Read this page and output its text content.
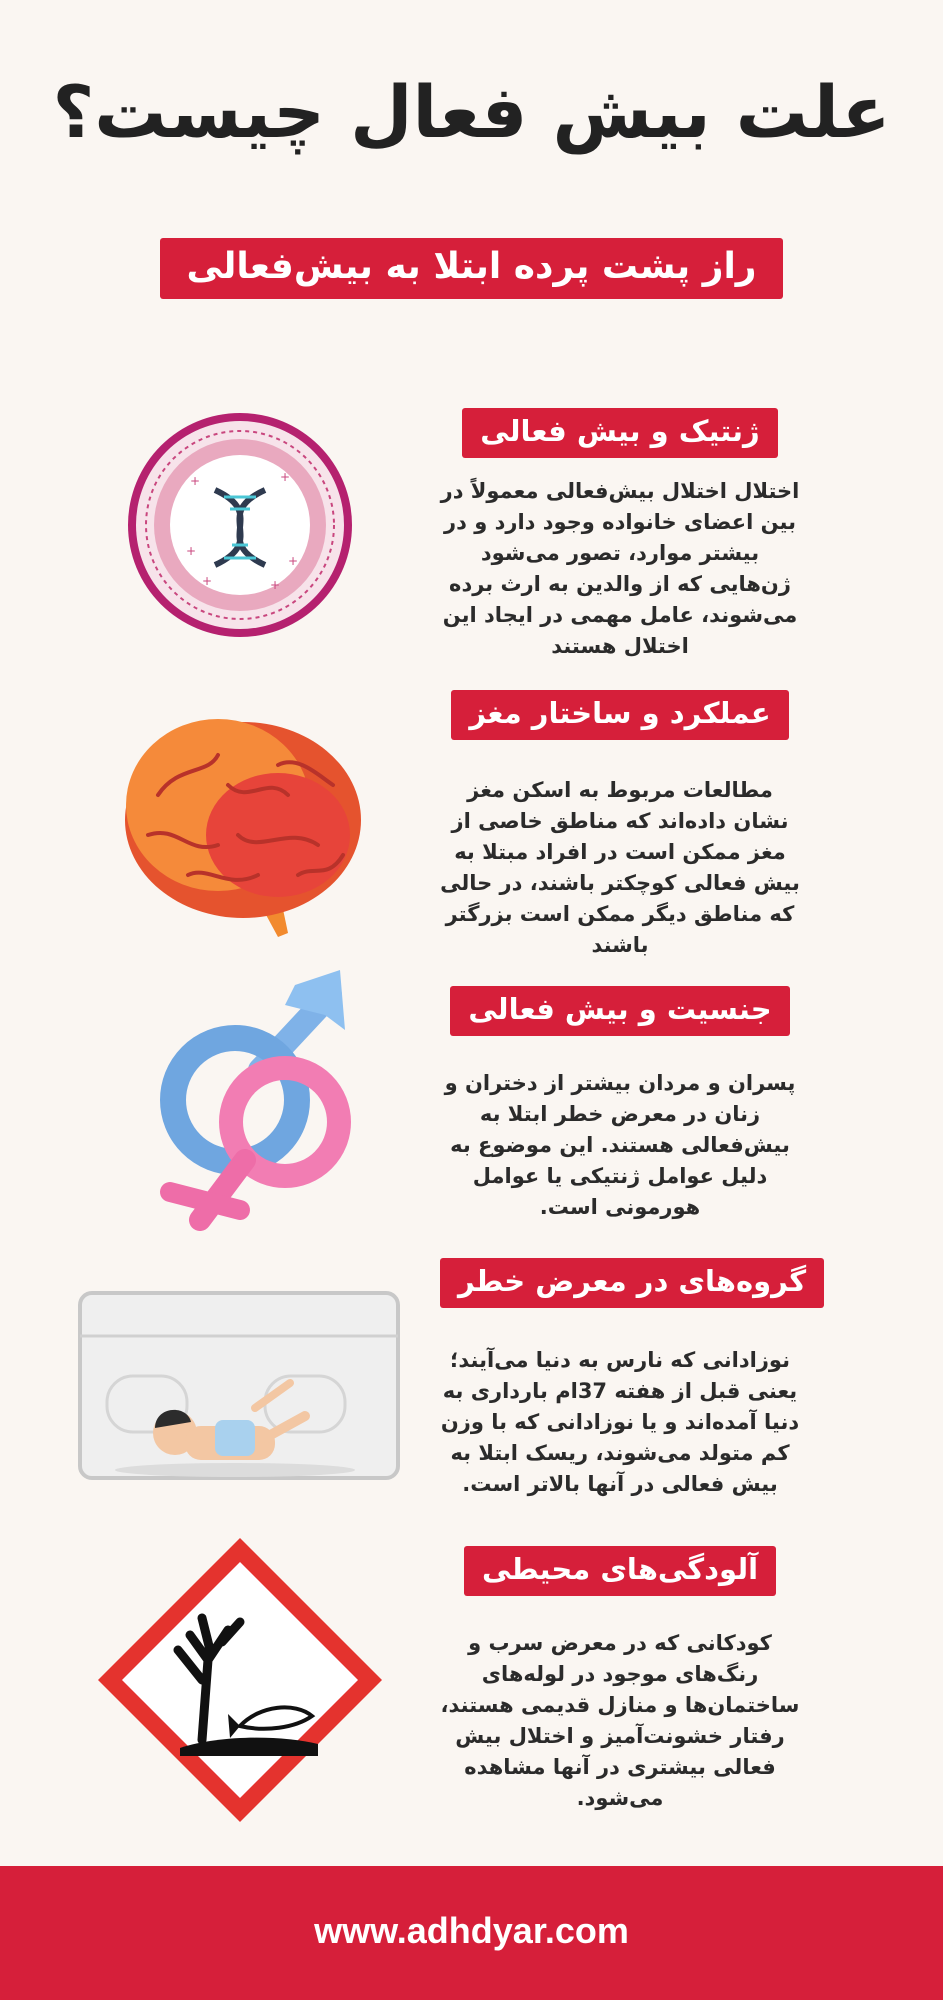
علت بیش فعال چیست؟
راز پشت پرده ابتلا به بیش‌فعالی
ژنتیک و بیش فعالی
اختلال اختلال بیش‌فعالی معمولاً در بین اعضای خانواده وجود دارد و در بیشتر موارد، تصور می‌شود ژن‌هایی که از والدین به ارث برده می‌شوند، عامل مهمی در ایجاد این اختلال هستند
+	+
+
+
+	+
عملکرد و ساختار مغز
مطالعات مربوط به اسکن مغز نشان داده‌اند که مناطق خاصی از مغز ممکن است در افراد مبتلا به بیش فعالی کوچکتر باشند، در حالی که مناطق دیگر ممکن است بزرگتر باشند
جنسیت و بیش فعالی
پسران و مردان بیشتر از دختران و زنان در معرض خطر ابتلا به بیش‌فعالی هستند. این موضوع به دلیل عوامل ژنتیکی یا عوامل هورمونی است.
گروه‌های در معرض خطر
نوزادانی که نارس به دنیا می‌آیند؛ یعنی قبل از هفته 37ام بارداری به دنیا آمده‌اند و یا نوزادانی که با وزن کم متولد می‌شوند، ریسک ابتلا به بیش فعالی در آنها بالاتر است.
آلودگی‌های محیطی
کودکانی که در معرض سرب و رنگ‌های موجود در لوله‌های ساختمان‌ها و منازل قدیمی هستند، رفتار خشونت‌آمیز و اختلال بیش فعالی بیشتری در آنها مشاهده می‌شود.
www.adhdyar.com
